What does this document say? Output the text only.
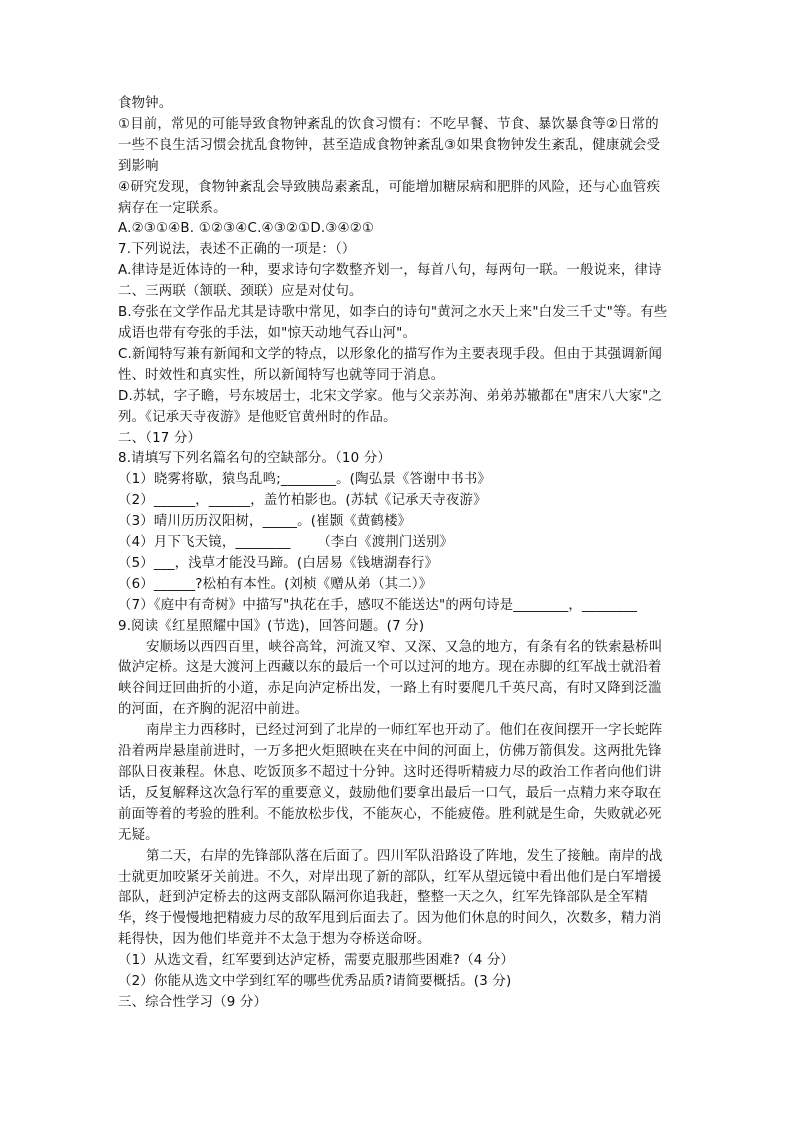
食物钟。
①目前，常见的可能导致食物钟紊乱的饮食习惯有：不吃早餐、节食、暴饮暴食等②日常的
一些不良生活习惯会扰乱食物钟，甚至造成食物钟紊乱③如果食物钟发生紊乱，健康就会受
到影响
④研究发现，食物钟紊乱会导致胰岛素紊乱，可能增加糖尿病和肥胖的风险，还与心血管疾
病存在一定联系。
A.②③①④B. ①②③④C.④③②①D.③④②①
7.下列说法，表述不正确的一项是：（）
A.律诗是近体诗的一种，要求诗句字数整齐划一，每首八句，每两句一联。一般说来，律诗
二、三两联（颔联、颈联）应是对仗句。
B.夸张在文学作品尤其是诗歌中常见，如李白的诗句"黄河之水天上来"白发三千丈"等。有些
成语也带有夸张的手法，如"惊天动地气吞山河"。
C.新闻特写兼有新闻和文学的特点，以形象化的描写作为主要表现手段。但由于其强调新闻
性、时效性和真实性，所以新闻特写也就等同于消息。
D.苏轼，字子瞻，号东坡居士，北宋文学家。他与父亲苏洵、弟弟苏辙都在"唐宋八大家"之
列。《记承天寺夜游》是他贬官黄州时的作品。
二、（17 分）
8.请填写下列名篇名句的空缺部分。（10 分）
（1）晓雾将歇，猿鸟乱鸣;________。(陶弘景《答谢中书书》
（2）______，______，盖竹柏影也。(苏轼《记承天寺夜游》
（3）晴川历历汉阳树，_____。(崔颢《黄鹤楼》
（4）月下飞天镜，________      （李白《渡荆门送别》
（5）___，浅草才能没马蹄。(白居易《钱塘湖春行》
（6）______?松柏有本性。(刘桢《赠从弟（其二）》
（7）《庭中有奇树》中描写"执花在手，感叹不能送达"的两句诗是________，________
9.阅读《红星照耀中国》(节选)，回答问题。(7 分)
安顺场以西四百里，峡谷高耸，河流又窄、又深、又急的地方，有条有名的铁索悬桥叫
做泸定桥。这是大渡河上西藏以东的最后一个可以过河的地方。现在赤脚的红军战士就沿着
峡谷间迂回曲折的小道，赤足向泸定桥出发，一路上有时要爬几千英尺高，有时又降到泛滥
的河面，在齐胸的泥沼中前进。
南岸主力西移时，已经过河到了北岸的一师红军也开动了。他们在夜间摆开一字长蛇阵
沿着两岸悬崖前进时，一万多把火炬照映在夹在中间的河面上，仿佛万箭俱发。这两批先锋
部队日夜兼程。休息、吃饭顶多不超过十分钟。这时还得听精疲力尽的政治工作者向他们讲
话，反复解释这次急行军的重要意义，鼓励他们要拿出最后一口气，最后一点精力来夺取在
前面等着的考验的胜利。不能放松步伐，不能灰心，不能疲倦。胜利就是生命，失败就必死
无疑。
第二天，右岸的先锋部队落在后面了。四川军队沿路设了阵地，发生了接触。南岸的战
士就更加咬紧牙关前进。不久，对岸出现了新的部队，红军从望远镜中看出他们是白军增援
部队，赶到泸定桥去的这两支部队隔河你追我赶，整整一天之久，红军先锋部队是全军精
华，终于慢慢地把精疲力尽的敌军甩到后面去了。因为他们休息的时间久，次数多，精力消
耗得快，因为他们毕竟并不太急于想为夺桥送命呀。
（1）从选文看，红军要到达泸定桥，需要克服那些困难?（4 分）
（2）你能从选文中学到红军的哪些优秀品质?请简要概括。(3 分)
三、综合性学习（9 分）
